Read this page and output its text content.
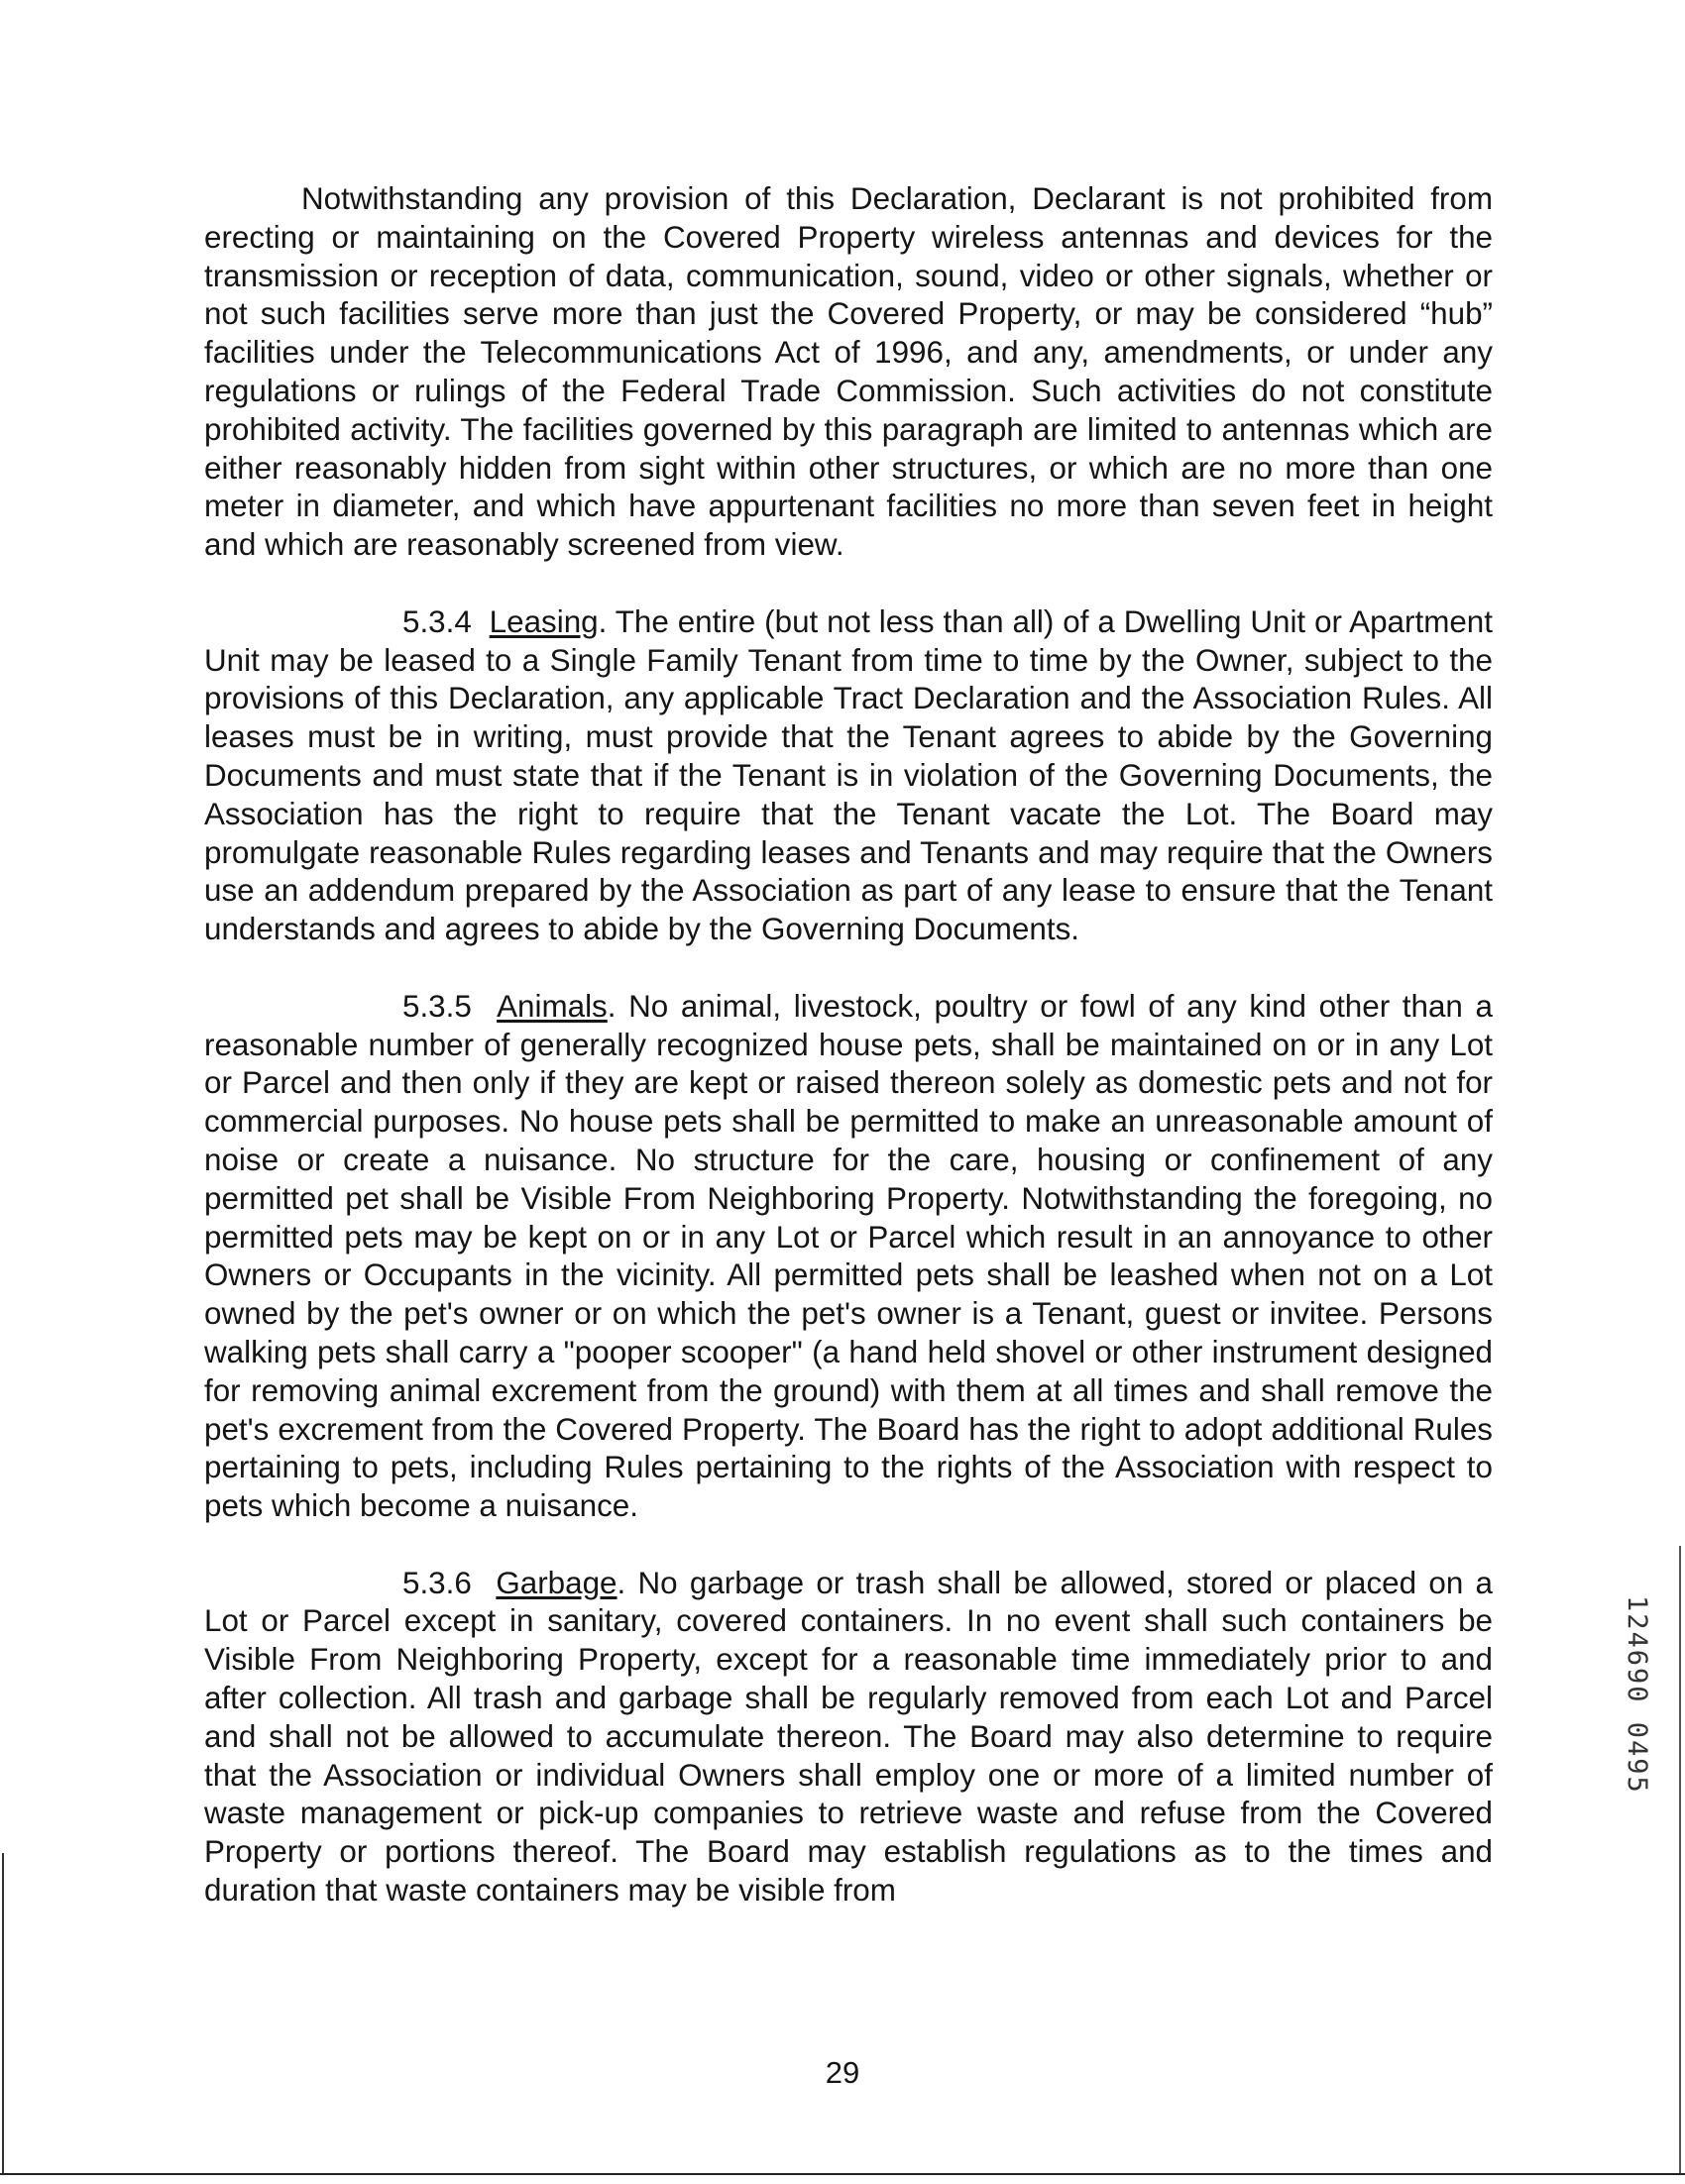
Notwithstanding any provision of this Declaration, Declarant is not prohibited from erecting or maintaining on the Covered Property wireless antennas and devices for the transmission or reception of data, communication, sound, video or other signals, whether or not such facilities serve more than just the Covered Property, or may be considered “hub” facilities under the Telecommunications Act of 1996, and any, amendments, or under any regulations or rulings of the Federal Trade Commission. Such activities do not constitute prohibited activity. The facilities governed by this paragraph are limited to antennas which are either reasonably hidden from sight within other structures, or which are no more than one meter in diameter, and which have appurtenant facilities no more than seven feet in height and which are reasonably screened from view.

5.3.4 Leasing. The entire (but not less than all) of a Dwelling Unit or Apartment Unit may be leased to a Single Family Tenant from time to time by the Owner, subject to the provisions of this Declaration, any applicable Tract Declaration and the Association Rules. All leases must be in writing, must provide that the Tenant agrees to abide by the Governing Documents and must state that if the Tenant is in violation of the Governing Documents, the Association has the right to require that the Tenant vacate the Lot. The Board may promulgate reasonable Rules regarding leases and Tenants and may require that the Owners use an addendum prepared by the Association as part of any lease to ensure that the Tenant understands and agrees to abide by the Governing Documents.

5.3.5 Animals. No animal, livestock, poultry or fowl of any kind other than a reasonable number of generally recognized house pets, shall be maintained on or in any Lot or Parcel and then only if they are kept or raised thereon solely as domestic pets and not for commercial purposes. No house pets shall be permitted to make an unreasonable amount of noise or create a nuisance. No structure for the care, housing or confinement of any permitted pet shall be Visible From Neighboring Property. Notwithstanding the foregoing, no permitted pets may be kept on or in any Lot or Parcel which result in an annoyance to other Owners or Occupants in the vicinity. All permitted pets shall be leashed when not on a Lot owned by the pet's owner or on which the pet's owner is a Tenant, guest or invitee. Persons walking pets shall carry a "pooper scooper" (a hand held shovel or other instrument designed for removing animal excrement from the ground) with them at all times and shall remove the pet's excrement from the Covered Property. The Board has the right to adopt additional Rules pertaining to pets, including Rules pertaining to the rights of the Association with respect to pets which become a nuisance.

5.3.6 Garbage. No garbage or trash shall be allowed, stored or placed on a Lot or Parcel except in sanitary, covered containers. In no event shall such containers be Visible From Neighboring Property, except for a reasonable time immediately prior to and after collection. All trash and garbage shall be regularly removed from each Lot and Parcel and shall not be allowed to accumulate thereon. The Board may also determine to require that the Association or individual Owners shall employ one or more of a limited number of waste management or pick-up companies to retrieve waste and refuse from the Covered Property or portions thereof. The Board may establish regulations as to the times and duration that waste containers may be visible from

29
124690 0495
